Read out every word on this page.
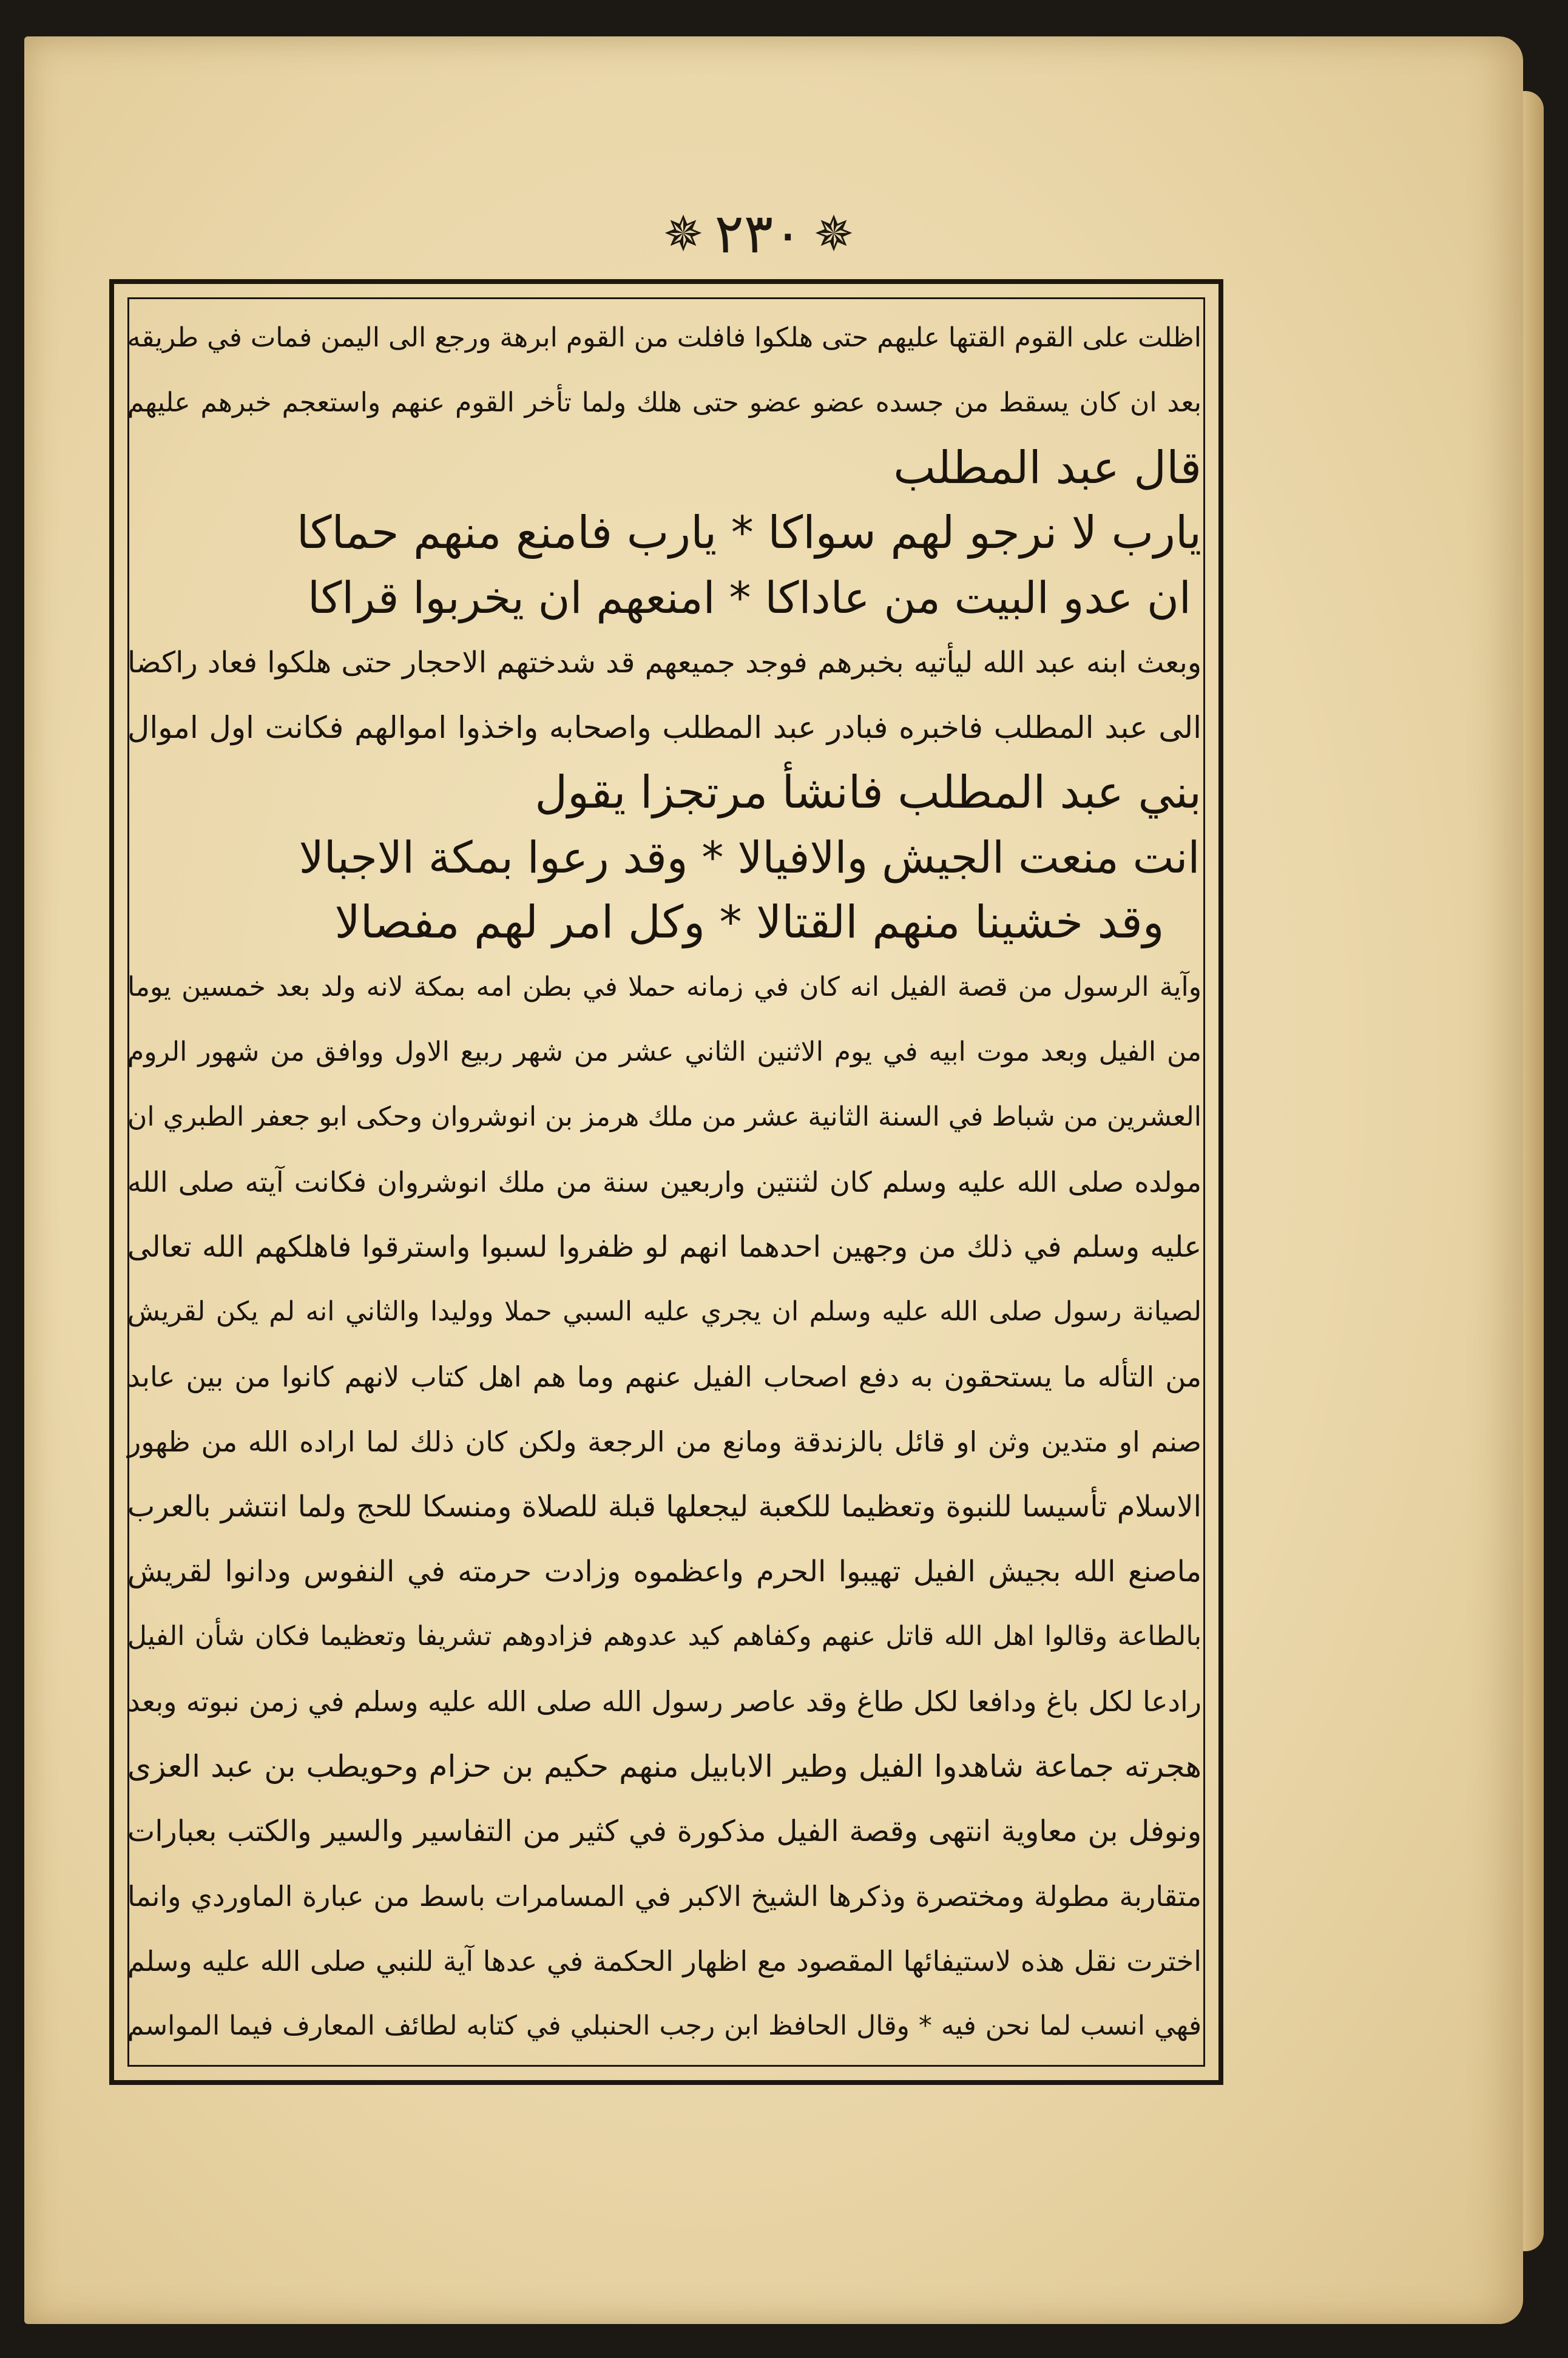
✵ ٢٣٠ ✵
اظلت على القوم القتها عليهم حتى هلكوا فافلت من القوم ابرهة ورجع الى اليمن فمات في طريقه
بعد ان كان يسقط من جسده عضو عضو حتى هلك ولما تأخر القوم عنهم واستعجم خبرهم عليهم
قال عبد المطلب
يارب لا نرجو لهم سواكا * يارب فامنع منهم حماكا
ان عدو البيت من عاداكا * امنعهم ان يخربوا قراكا
وبعث ابنه عبد الله ليأتيه بخبرهم فوجد جميعهم قد شدختهم الاحجار حتى هلكوا فعاد راكضا
الى عبد المطلب فاخبره فبادر عبد المطلب واصحابه واخذوا اموالهم فكانت اول اموال
بني عبد المطلب فانشأ مرتجزا يقول
انت منعت الجيش والافيالا * وقد رعوا بمكة الاجبالا
وقد خشينا منهم القتالا * وكل امر لهم مفصالا
وآية الرسول من قصة الفيل انه كان في زمانه حملا في بطن امه بمكة لانه ولد بعد خمسين يوما
من الفيل وبعد موت ابيه في يوم الاثنين الثاني عشر من شهر ربيع الاول ووافق من شهور الروم
العشرين من شباط في السنة الثانية عشر من ملك هرمز بن انوشروان وحكى ابو جعفر الطبري ان
مولده صلى الله عليه وسلم كان لثنتين واربعين سنة من ملك انوشروان فكانت آيته صلى الله
عليه وسلم في ذلك من وجهين احدهما انهم لو ظفروا لسبوا واسترقوا فاهلكهم الله تعالى
لصيانة رسول صلى الله عليه وسلم ان يجري عليه السبي حملا ووليدا والثاني انه لم يكن لقريش
من التأله ما يستحقون به دفع اصحاب الفيل عنهم وما هم اهل كتاب لانهم كانوا من بين عابد
صنم او متدين وثن او قائل بالزندقة ومانع من الرجعة ولكن كان ذلك لما اراده الله من ظهور
الاسلام تأسيسا للنبوة وتعظيما للكعبة ليجعلها قبلة للصلاة ومنسكا للحج ولما انتشر بالعرب
ماصنع الله بجيش الفيل تهيبوا الحرم واعظموه وزادت حرمته في النفوس ودانوا لقريش
بالطاعة وقالوا اهل الله قاتل عنهم وكفاهم كيد عدوهم فزادوهم تشريفا وتعظيما فكان شأن الفيل
رادعا لكل باغ ودافعا لكل طاغ وقد عاصر رسول الله صلى الله عليه وسلم في زمن نبوته وبعد
هجرته جماعة شاهدوا الفيل وطير الابابيل منهم حكيم بن حزام وحويطب بن عبد العزى
ونوفل بن معاوية انتهى وقصة الفيل مذكورة في كثير من التفاسير والسير والكتب بعبارات
متقاربة مطولة ومختصرة وذكرها الشيخ الاكبر في المسامرات باسط من عبارة الماوردي وانما
اخترت نقل هذه لاستيفائها المقصود مع اظهار الحكمة في عدها آية للنبي صلى الله عليه وسلم
فهي انسب لما نحن فيه * وقال الحافظ ابن رجب الحنبلي في كتابه لطائف المعارف فيما المواسم
